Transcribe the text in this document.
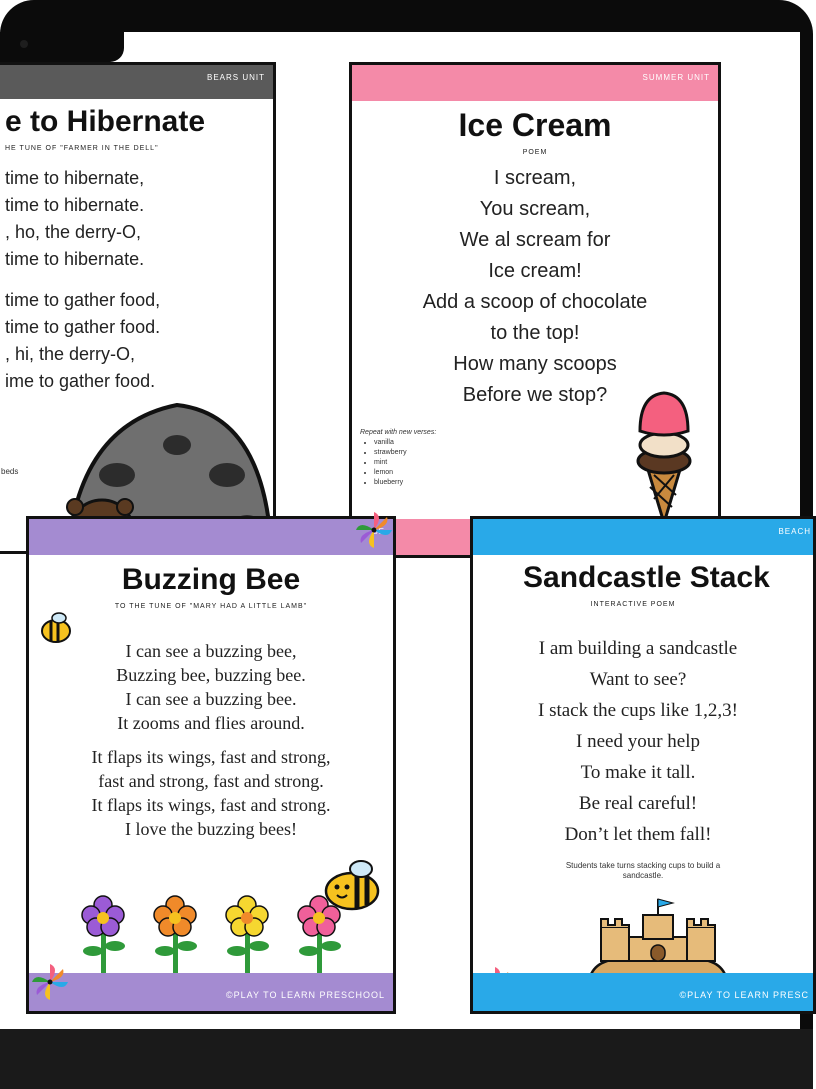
BEARS UNIT
e to Hibernate
HE TUNE OF "FARMER IN THE DELL"
time to hibernate,
time to hibernate.
, ho, the derry-O,
time to hibernate.
time to gather food,
time to gather food.
, hi, the derry-O,
ime to gather food.
beds
SUMMER UNIT
Ice Cream
POEM
I scream,
You scream,
We al scream for
Ice cream!
Add a scoop of chocolate
to the top!
How many scoops
Before we stop?
Repeat with new verses:
• vanilla
• strawberry
• mint
• lemon
• blueberry
Buzzing Bee
TO THE TUNE OF "MARY HAD A LITTLE LAMB"
I can see a buzzing bee,
Buzzing bee, buzzing bee.
I can see a buzzing bee.
It zooms and flies around.
It flaps its wings, fast and strong,
fast and strong, fast and strong.
It flaps its wings, fast and strong.
I love the buzzing bees!
©PLAY TO LEARN PRESCHOOL
BEACH
Sandcastle Stack
INTERACTIVE POEM
I am building a sandcastle
Want to see?
I stack the cups like 1,2,3!
I need your help
To make it tall.
Be real careful!
Don’t let them fall!
Students take turns stacking cups to build a sandcastle.
©PLAY TO LEARN PRESC
